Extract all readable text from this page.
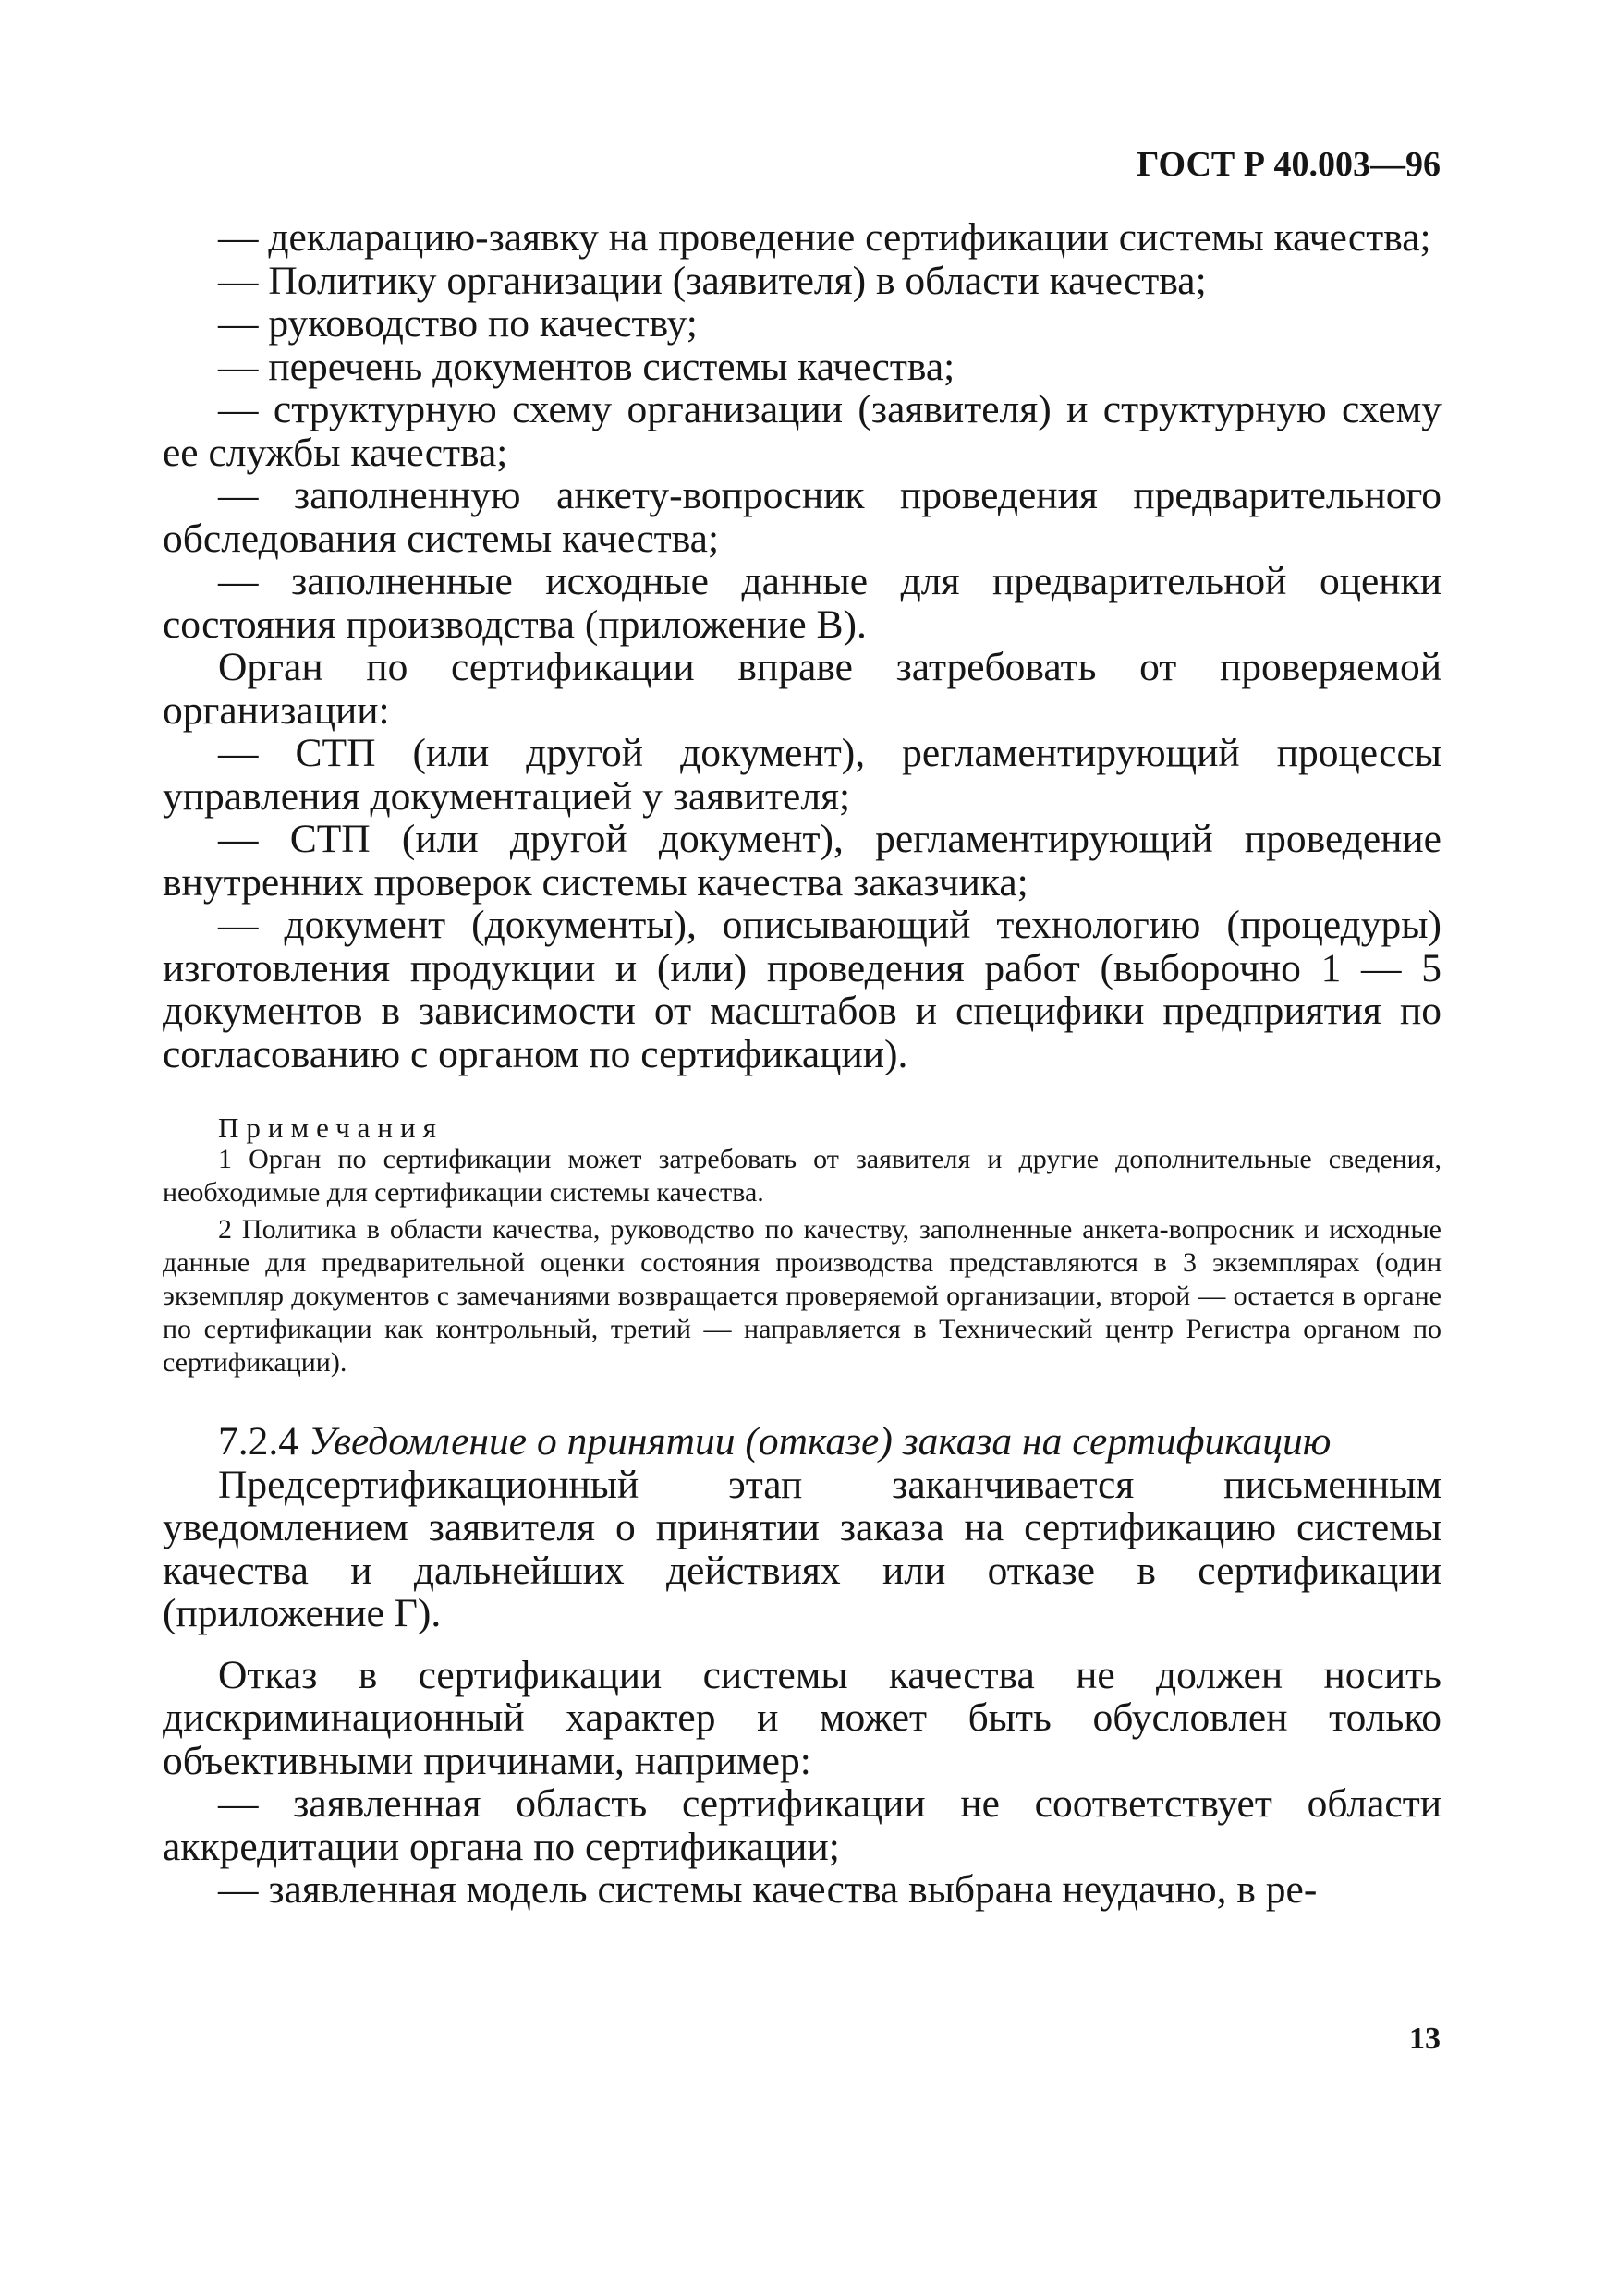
ГОСТ Р 40.003—96

— декларацию-заявку на проведение сертификации системы качества;

— Политику организации (заявителя) в области качества;

— руководство по качеству;

— перечень документов системы качества;

— структурную схему организации (заявителя) и структурную схему ее службы качества;

— заполненную анкету-вопросник проведения предварительного обследования системы качества;

— заполненные исходные данные для предварительной оценки состояния производства (приложение В).

Орган по сертификации вправе затребовать от проверяемой организации:

— СТП (или другой документ), регламентирующий процессы управления документацией у заявителя;

— СТП (или другой документ), регламентирующий проведение внутренних проверок системы качества заказчика;

— документ (документы), описывающий технологию (процедуры) изготовления продукции и (или) проведения работ (выборочно 1 — 5 документов в зависимости от масштабов и специфики предприятия по согласованию с органом по сертификации).

Примечания

1 Орган по сертификации может затребовать от заявителя и другие дополнительные сведения, необходимые для сертификации системы качества.

2 Политика в области качества, руководство по качеству, заполненные анкета-вопросник и исходные данные для предварительной оценки состояния производства представляются в 3 экземплярах (один экземпляр документов с замечаниями возвращается проверяемой организации, второй — остается в органе по сертификации как контрольный, третий — направляется в Технический центр Регистра органом по сертификации).

7.2.4 Уведомление о принятии (отказе) заказа на сертификацию

Предсертификационный этап заканчивается письменным уведомлением заявителя о принятии заказа на сертификацию системы качества и дальнейших действиях или отказе в сертификации (приложение Г).

Отказ в сертификации системы качества не должен носить дискриминационный характер и может быть обусловлен только объективными причинами, например:

— заявленная область сертификации не соответствует области аккредитации органа по сертификации;

— заявленная модель системы качества выбрана неудачно, в ре-

13
